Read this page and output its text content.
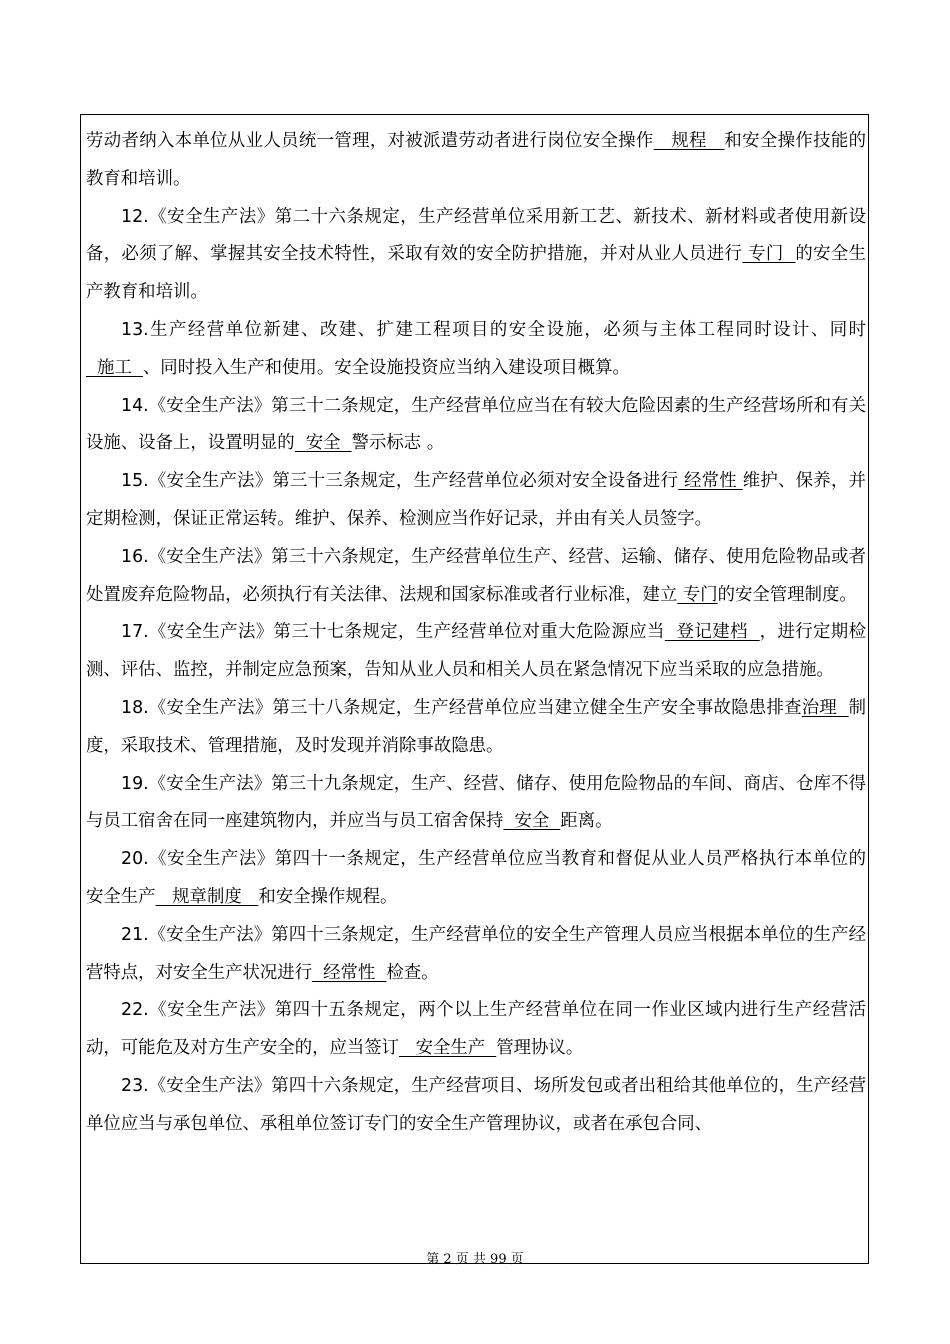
劳动者纳入本单位从业人员统一管理，对被派遣劳动者进行岗位安全操作   规程   和安全操作技能的教育和培训。

12.《安全生产法》第二十六条规定，生产经营单位采用新工艺、新技术、新材料或者使用新设备，必须了解、掌握其安全技术特性，采取有效的安全防护措施，并对从业人员进行 专门  的安全生产教育和培训。

13.生产经营单位新建、改建、扩建工程项目的安全设施，必须与主体工程同时设计、同时  施工  、同时投入生产和使用。安全设施投资应当纳入建设项目概算。

14.《安全生产法》第三十二条规定，生产经营单位应当在有较大危险因素的生产经营场所和有关设施、设备上，设置明显的  安全  警示标志 。

15.《安全生产法》第三十三条规定，生产经营单位必须对安全设备进行 经常性 维护、保养，并定期检测，保证正常运转。维护、保养、检测应当作好记录，并由有关人员签字。

16.《安全生产法》第三十六条规定，生产经营单位生产、经营、运输、储存、使用危险物品或者处置废弃危险物品，必须执行有关法律、法规和国家标准或者行业标准，建立 专门的安全管理制度。

17.《安全生产法》第三十七条规定，生产经营单位对重大危险源应当  登记建档  ，进行定期检测、评估、监控，并制定应急预案，告知从业人员和相关人员在紧急情况下应当采取的应急措施。

18.《安全生产法》第三十八条规定，生产经营单位应当建立健全生产安全事故隐患排查治理  制度，采取技术、管理措施，及时发现并消除事故隐患。

19.《安全生产法》第三十九条规定，生产、经营、储存、使用危险物品的车间、商店、仓库不得与员工宿舍在同一座建筑物内，并应当与员工宿舍保持  安全  距离。

20.《安全生产法》第四十一条规定，生产经营单位应当教育和督促从业人员严格执行本单位的 安全生产   规章制度   和安全操作规程。

21.《安全生产法》第四十三条规定，生产经营单位的安全生产管理人员应当根据本单位的生产经营特点，对安全生产状况进行  经常性  检查。

22.《安全生产法》第四十五条规定，两个以上生产经营单位在同一作业区域内进行生产经营活动，可能危及对方生产安全的，应当签订   安全生产  管理协议。

23.《安全生产法》第四十六条规定，生产经营项目、场所发包或者出租给其他单位的，生产经营单位应当与承包单位、承租单位签订专门的安全生产管理协议，或者在承包合同、

第 2 页 共 99 页
